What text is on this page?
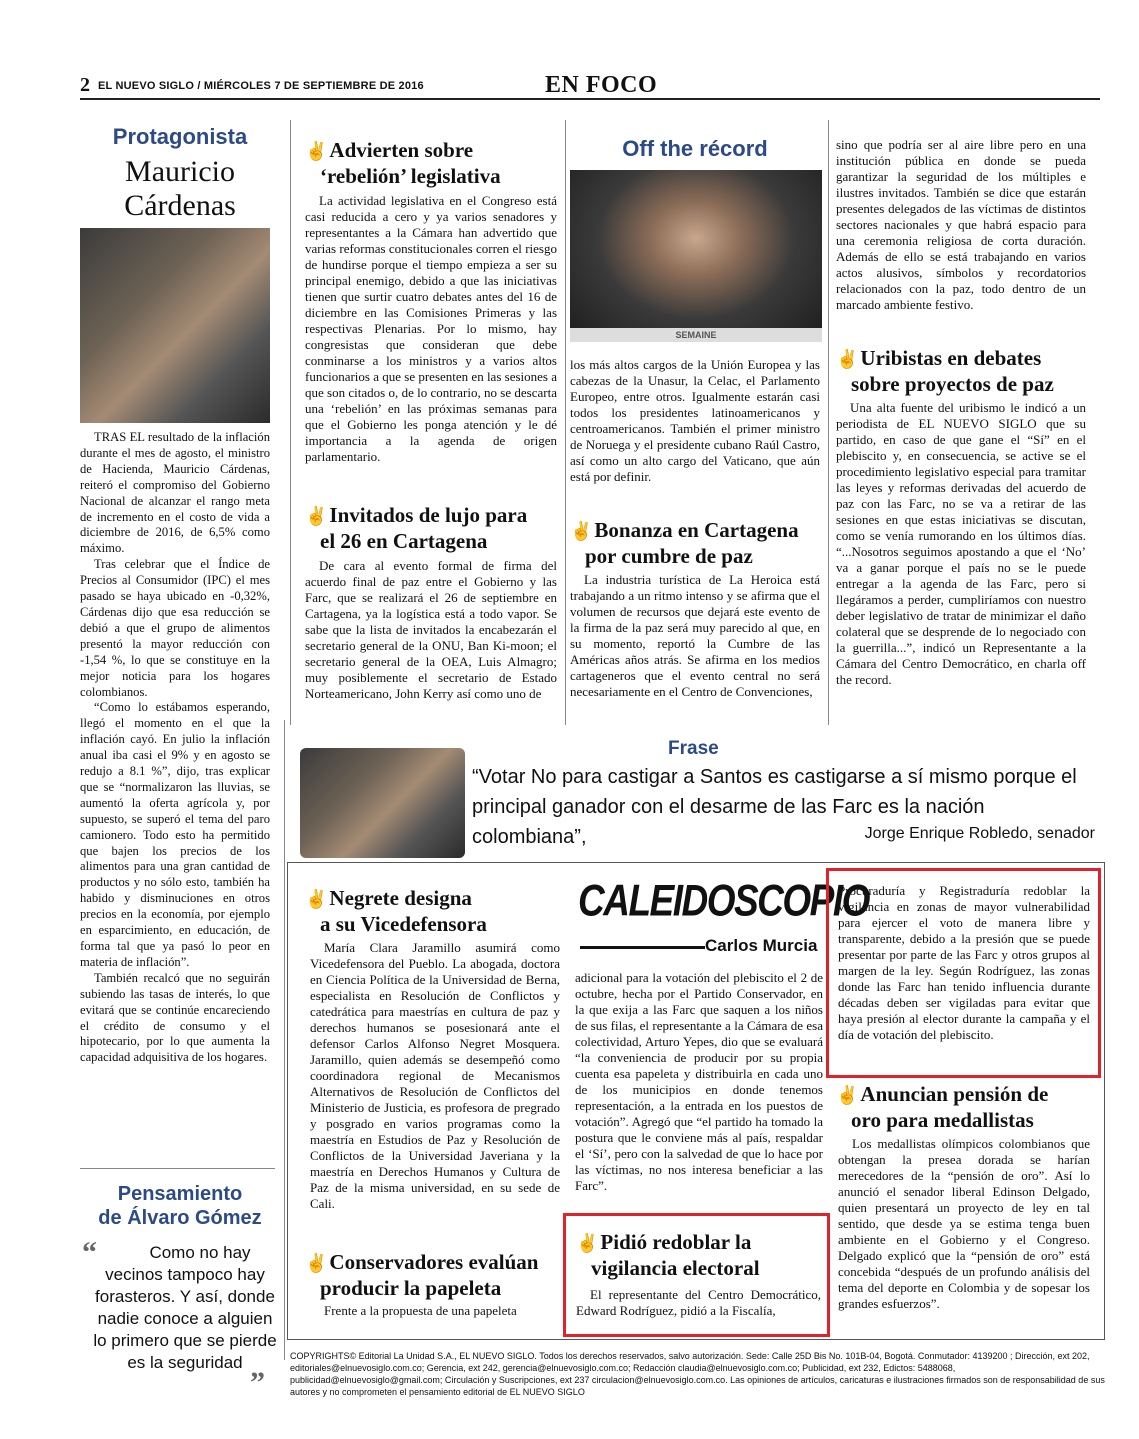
2 EL NUEVO SIGLO / MIÉRCOLES 7 DE SEPTIEMBRE DE 2016	EN FOCO
Protagonista
Mauricio
Cárdenas

TRAS EL resultado de la inflación durante el mes de agosto, el ministro de Hacienda, Mauricio Cárdenas, reiteró el compromiso del Gobierno Nacional de alcanzar el rango meta de incremento en el costo de vida a diciembre de 2016, de 6,5% como máximo.

Tras celebrar que el Índice de Precios al Consumidor (IPC) el mes pasado se haya ubicado en -0,32%, Cárdenas dijo que esa reducción se debió a que el grupo de alimentos presentó la mayor reducción con -1,54 %, lo que se constituye en la mejor noticia para los hogares colombianos.

“Como lo estábamos esperando, llegó el momento en el que la inflación cayó. En julio la inflación anual iba casi el 9% y en agosto se redujo a 8.1 %”, dijo, tras explicar que se “normalizaron las lluvias, se aumentó la oferta agrícola y, por supuesto, se superó el tema del paro camionero. Todo esto ha permitido que bajen los precios de los alimentos para una gran cantidad de productos y no sólo esto, también ha habido y disminuciones en otros precios en la economía, por ejemplo en esparcimiento, en educación, de forma tal que ya pasó lo peor en materia de inflación”.

También recalcó que no seguirán subiendo las tasas de interés, lo que evitará que se continúe encareciendo el crédito de consumo y el hipotecario, por lo que aumenta la capacidad adquisitiva de los hogares.

Pensamiento
de Álvaro Gómez
“	Como no hay vecinos tampoco hay forasteros. Y así, donde nadie conoce a alguien lo primero que se pierde es la seguridad
”
✌Advierten sobre
‘rebelión’ legislativa

La actividad legislativa en el Congreso está casi reducida a cero y ya varios senadores y representantes a la Cámara han advertido que varias reformas constitucionales corren el riesgo de hundirse porque el tiempo empieza a ser su principal enemigo, debido a que las iniciativas tienen que surtir cuatro debates antes del 16 de diciembre en las Comisiones Primeras y las respectivas Plenarias. Por lo mismo, hay congresistas que consideran que debe conminarse a los ministros y a varios altos funcionarios a que se presenten en las sesiones a que son citados o, de lo contrario, no se descarta una ‘rebelión’ en las próximas semanas para que el Gobierno les ponga atención y le dé importancia a la agenda de origen parlamentario.

✌Invitados de lujo para
el 26 en Cartagena

De cara al evento formal de firma del acuerdo final de paz entre el Gobierno y las Farc, que se realizará el 26 de septiembre en Cartagena, ya la logística está a todo vapor. Se sabe que la lista de invitados la encabezarán el secretario general de la ONU, Ban Ki-moon; el secretario general de la OEA, Luis Almagro; muy posiblemente el secretario de Estado Norteamericano, John Kerry así como uno de

Off the récord
SEMAINE

los más altos cargos de la Unión Europea y las cabezas de la Unasur, la Celac, el Parlamento Europeo, entre otros. Igualmente estarán casi todos los presidentes latinoamericanos y centroamericanos. También el primer ministro de Noruega y el presidente cubano Raúl Castro, así como un alto cargo del Vaticano, que aún está por definir.

✌Bonanza en Cartagena
por cumbre de paz

La industria turística de La Heroica está trabajando a un ritmo intenso y se afirma que el volumen de recursos que dejará este evento de la firma de la paz será muy parecido al que, en su momento, reportó la Cumbre de las Américas años atrás. Se afirma en los medios cartageneros que el evento central no será necesariamente en el Centro de Convenciones,

sino que podría ser al aire libre pero en una institución pública en donde se pueda garantizar la seguridad de los múltiples e ilustres invitados. También se dice que estarán presentes delegados de las víctimas de distintos sectores nacionales y que habrá espacio para una ceremonia religiosa de corta duración. Además de ello se está trabajando en varios actos alusivos, símbolos y recordatorios relacionados con la paz, todo dentro de un marcado ambiente festivo.

✌Uribistas en debates
sobre proyectos de paz

Una alta fuente del uribismo le indicó a un periodista de EL NUEVO SIGLO que su partido, en caso de que gane el “Sí” en el plebiscito y, en consecuencia, se active se el procedimiento legislativo especial para tramitar las leyes y reformas derivadas del acuerdo de paz con las Farc, no se va a retirar de las sesiones en que estas iniciativas se discutan, como se venía rumorando en los últimos días. “...Nosotros seguimos apostando a que el ‘No’ va a ganar porque el país no se le puede entregar a la agenda de las Farc, pero si llegáramos a perder, cumpliríamos con nuestro deber legislativo de tratar de minimizar el daño colateral que se desprende de lo negociado con la guerrilla...”, indicó un Representante a la Cámara del Centro Democrático, en charla off the record.

Frase
“Votar No para castigar a Santos es castigarse a sí mismo porque el
principal ganador con el desarme de las Farc es la nación colombiana”,	Jorge Enrique Robledo, senador
✌Negrete designa
a su Vicedefensora

María Clara Jaramillo asumirá como Vicedefensora del Pueblo. La abogada, doctora en Ciencia Política de la Universidad de Berna, especialista en Resolución de Conflictos y catedrática para maestrías en cultura de paz y derechos humanos se posesionará ante el defensor Carlos Alfonso Negret Mosquera. Jaramillo, quien además se desempeñó como coordinadora regional de Mecanismos Alternativos de Resolución de Conflictos del Ministerio de Justicia, es profesora de pregrado y posgrado en varios programas como la maestría en Estudios de Paz y Resolución de Conflictos de la Universidad Javeriana y la maestría en Derechos Humanos y Cultura de Paz de la misma universidad, en su sede de Cali.

✌Conservadores evalúan
producir la papeleta

Frente a la propuesta de una papeleta

CALEIDOSCOPIO
Carlos Murcia

adicional para la votación del plebiscito el 2 de octubre, hecha por el Partido Conservador, en la que exija a las Farc que saquen a los niños de sus filas, el representante a la Cámara de esa colectividad, Arturo Yepes, dio que se evaluará “la conveniencia de producir por su propia cuenta esa papeleta y distribuirla en cada uno de los municipios en donde tenemos representación, a la entrada en los puestos de votación”. Agregó que “el partido ha tomado la postura que le conviene más al país, respaldar el ‘Sí’, pero con la salvedad de que lo hace por las víctimas, no nos interesa beneficiar a las Farc”.

✌Pidió redoblar la
vigilancia electoral

El representante del Centro Democrático, Edward Rodríguez, pidió a la Fiscalía,

Procuraduría y Registraduría redoblar la vigilancia en zonas de mayor vulnerabilidad para ejercer el voto de manera libre y transparente, debido a la presión que se puede presentar por parte de las Farc y otros grupos al margen de la ley. Según Rodríguez, las zonas donde las Farc han tenido influencia durante décadas deben ser vigiladas para evitar que haya presión al elector durante la campaña y el día de votación del plebiscito.

✌Anuncian pensión de
oro para medallistas

Los medallistas olímpicos colombianos que obtengan la presea dorada se harían merecedores de la “pensión de oro”. Así lo anunció el senador liberal Edinson Delgado, quien presentará un proyecto de ley en tal sentido, que desde ya se estima tenga buen ambiente en el Gobierno y el Congreso. Delgado explicó que la “pensión de oro” está concebida “después de un profundo análisis del tema del deporte en Colombia y de sopesar los grandes esfuerzos”.

COPYRIGHTS© Editorial La Unidad S.A., EL NUEVO SIGLO. Todos los derechos reservados, salvo autorización. Sede: Calle 25D Bis No. 101B-04, Bogotá. Conmutador: 4139200 ; Dirección, ext 202, editoriales@elnuevosiglo.com.co; Gerencia, ext 242, gerencia@elnuevosiglo.com.co; Redacción claudia@elnuevosiglo.com.co; Publicidad, ext 232, Edictos: 5488068, publicidad@elnuevosiglo@gmail.com; Circulación y Suscripciones, ext 237 circulacion@elnuevosiglo.com.co. Las opiniones de artículos, caricaturas e ilustraciones firmados son de responsabilidad de sus autores y no comprometen el pensamiento editorial de EL NUEVO SIGLO
